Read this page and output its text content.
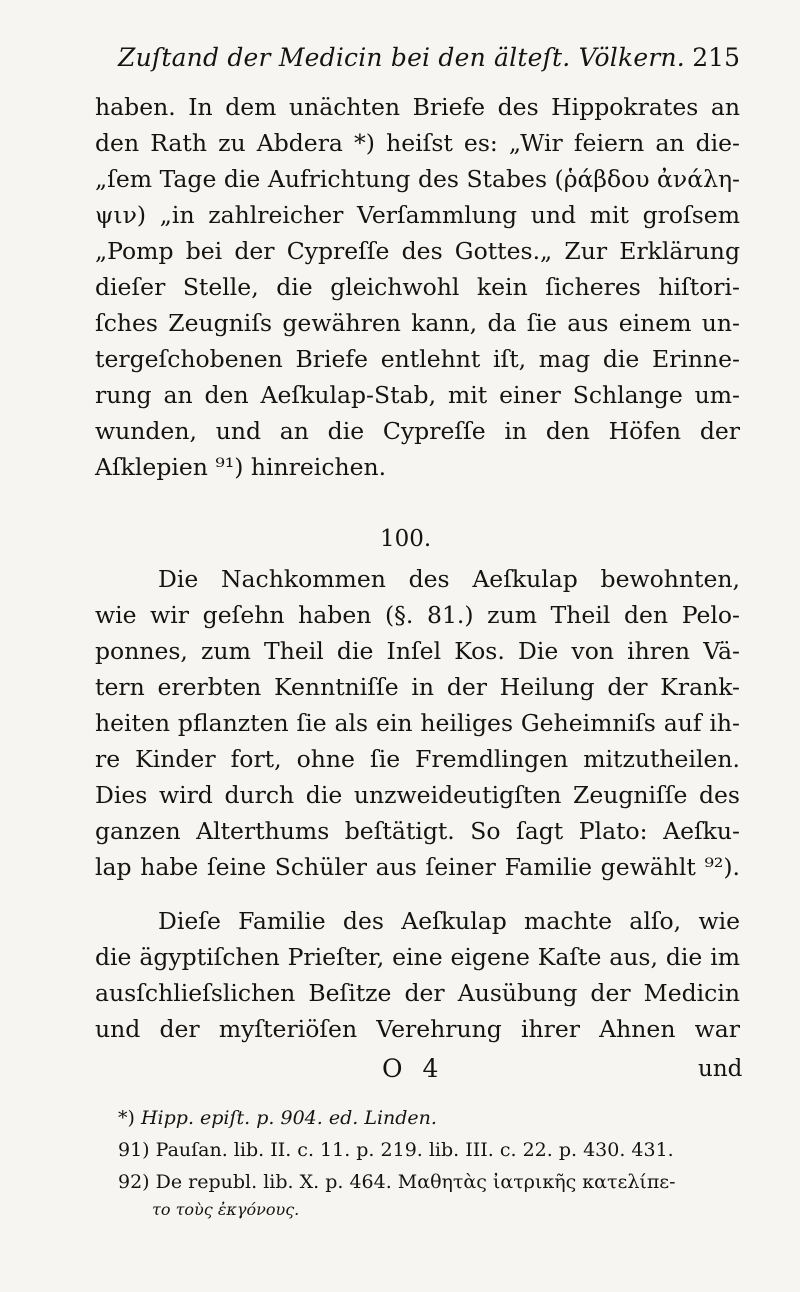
Zuſtand der Medicin bei den älteſt. Völkern. 215
haben. In dem unächten Briefe des Hippokrates an
den Rath zu Abdera *) heiſst es: „Wir feiern an die-
„ſem Tage die Aufrichtung des Stabes (ῥάβδου ἀνάλη-
ψιν) „in zahlreicher Verſammlung und mit groſsem
„Pomp bei der Cypreſſe des Gottes.„ Zur Erklärung
dieſer Stelle, die gleichwohl kein ſicheres hiſtori-
ſches Zeugniſs gewähren kann, da ſie aus einem un-
tergeſchobenen Briefe entlehnt iſt, mag die Erinne-
rung an den Aeſkulap-Stab, mit einer Schlange um-
wunden, und an die Cypreſſe in den Höfen der
Aſklepien ⁹¹) hinreichen.
100.
Die Nachkommen des Aeſkulap bewohnten,
wie wir geſehn haben (§. 81.) zum Theil den Pelo-
ponnes, zum Theil die Inſel Kos. Die von ihren Vä-
tern ererbten Kenntniſſe in der Heilung der Krank-
heiten pflanzten ſie als ein heiliges Geheimniſs auf ih-
re Kinder fort, ohne ſie Fremdlingen mitzutheilen.
Dies wird durch die unzweideutigſten Zeugniſſe des
ganzen Alterthums beſtätigt. So ſagt Plato: Aeſku-
lap habe ſeine Schüler aus ſeiner Familie gewählt ⁹²).
Dieſe Familie des Aeſkulap machte alſo, wie
die ägyptiſchen Prieſter, eine eigene Kaſte aus, die im
ausſchlieſslichen Beſitze der Ausübung der Medicin
und der myſteriöſen Verehrung ihrer Ahnen war
O 4	und
*) Hipp. epiſt. p. 904. ed. Linden.
91) Pauſan. lib. II. c. 11. p. 219. lib. III. c. 22. p. 430. 431.
92) De republ. lib. X. p. 464. Μαθητὰς ἰατρικῆς κατελίπε-
το τοὺς ἐκγόνους.
